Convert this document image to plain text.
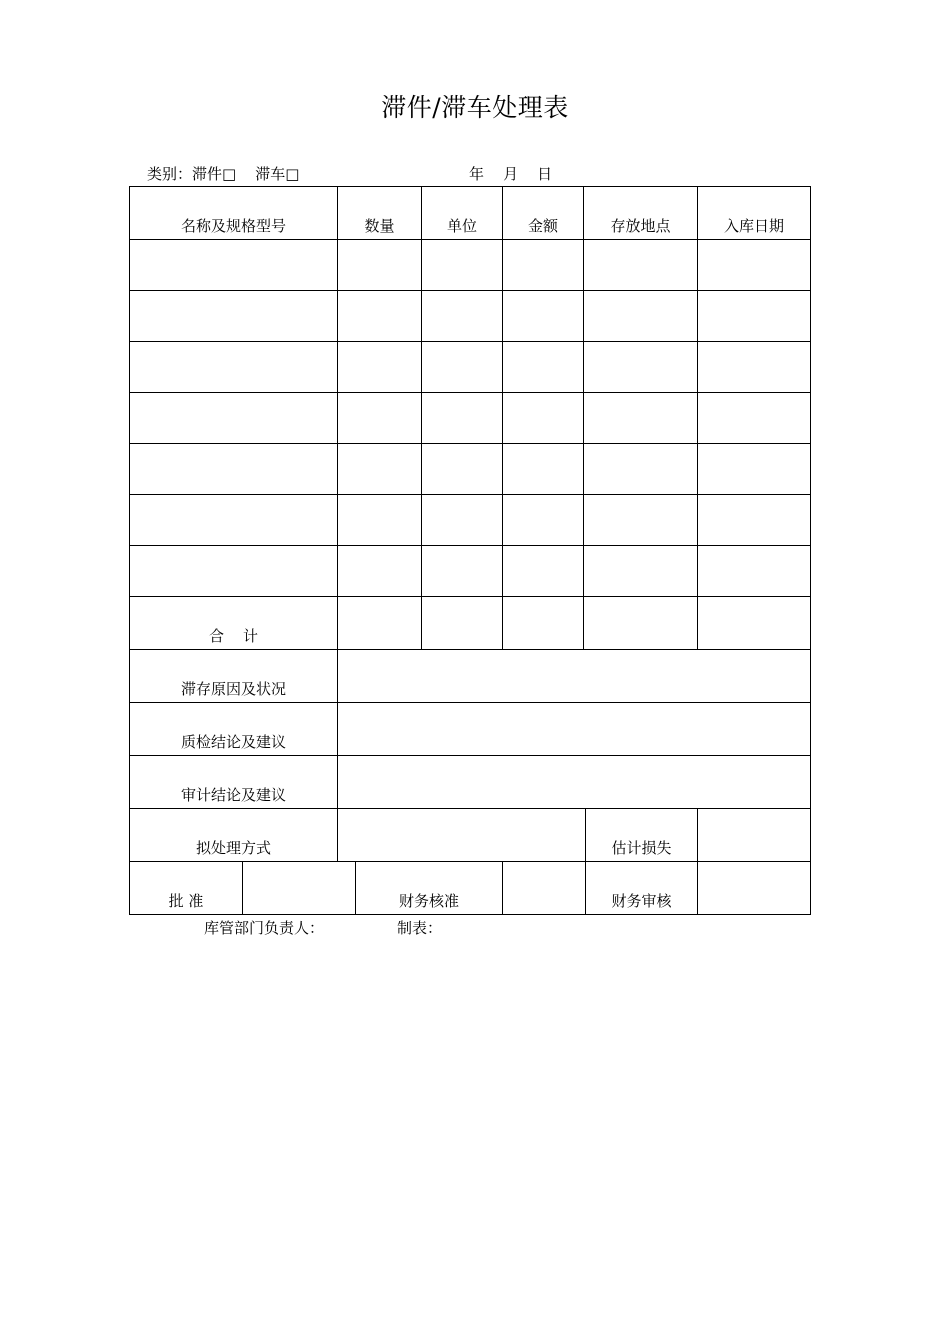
滞件/滞车处理表
类别：滞件□    滞车□	年    月    日
名称及规格型号		数量		单位	金额	存放地点		入库日期

合    计								
滞存原因及状况								
质检结论及建议								
审计结论及建议								
拟处理方式							估计损失	
批 准			财务核准				财务审核	
库管部门负责人：	制表：
